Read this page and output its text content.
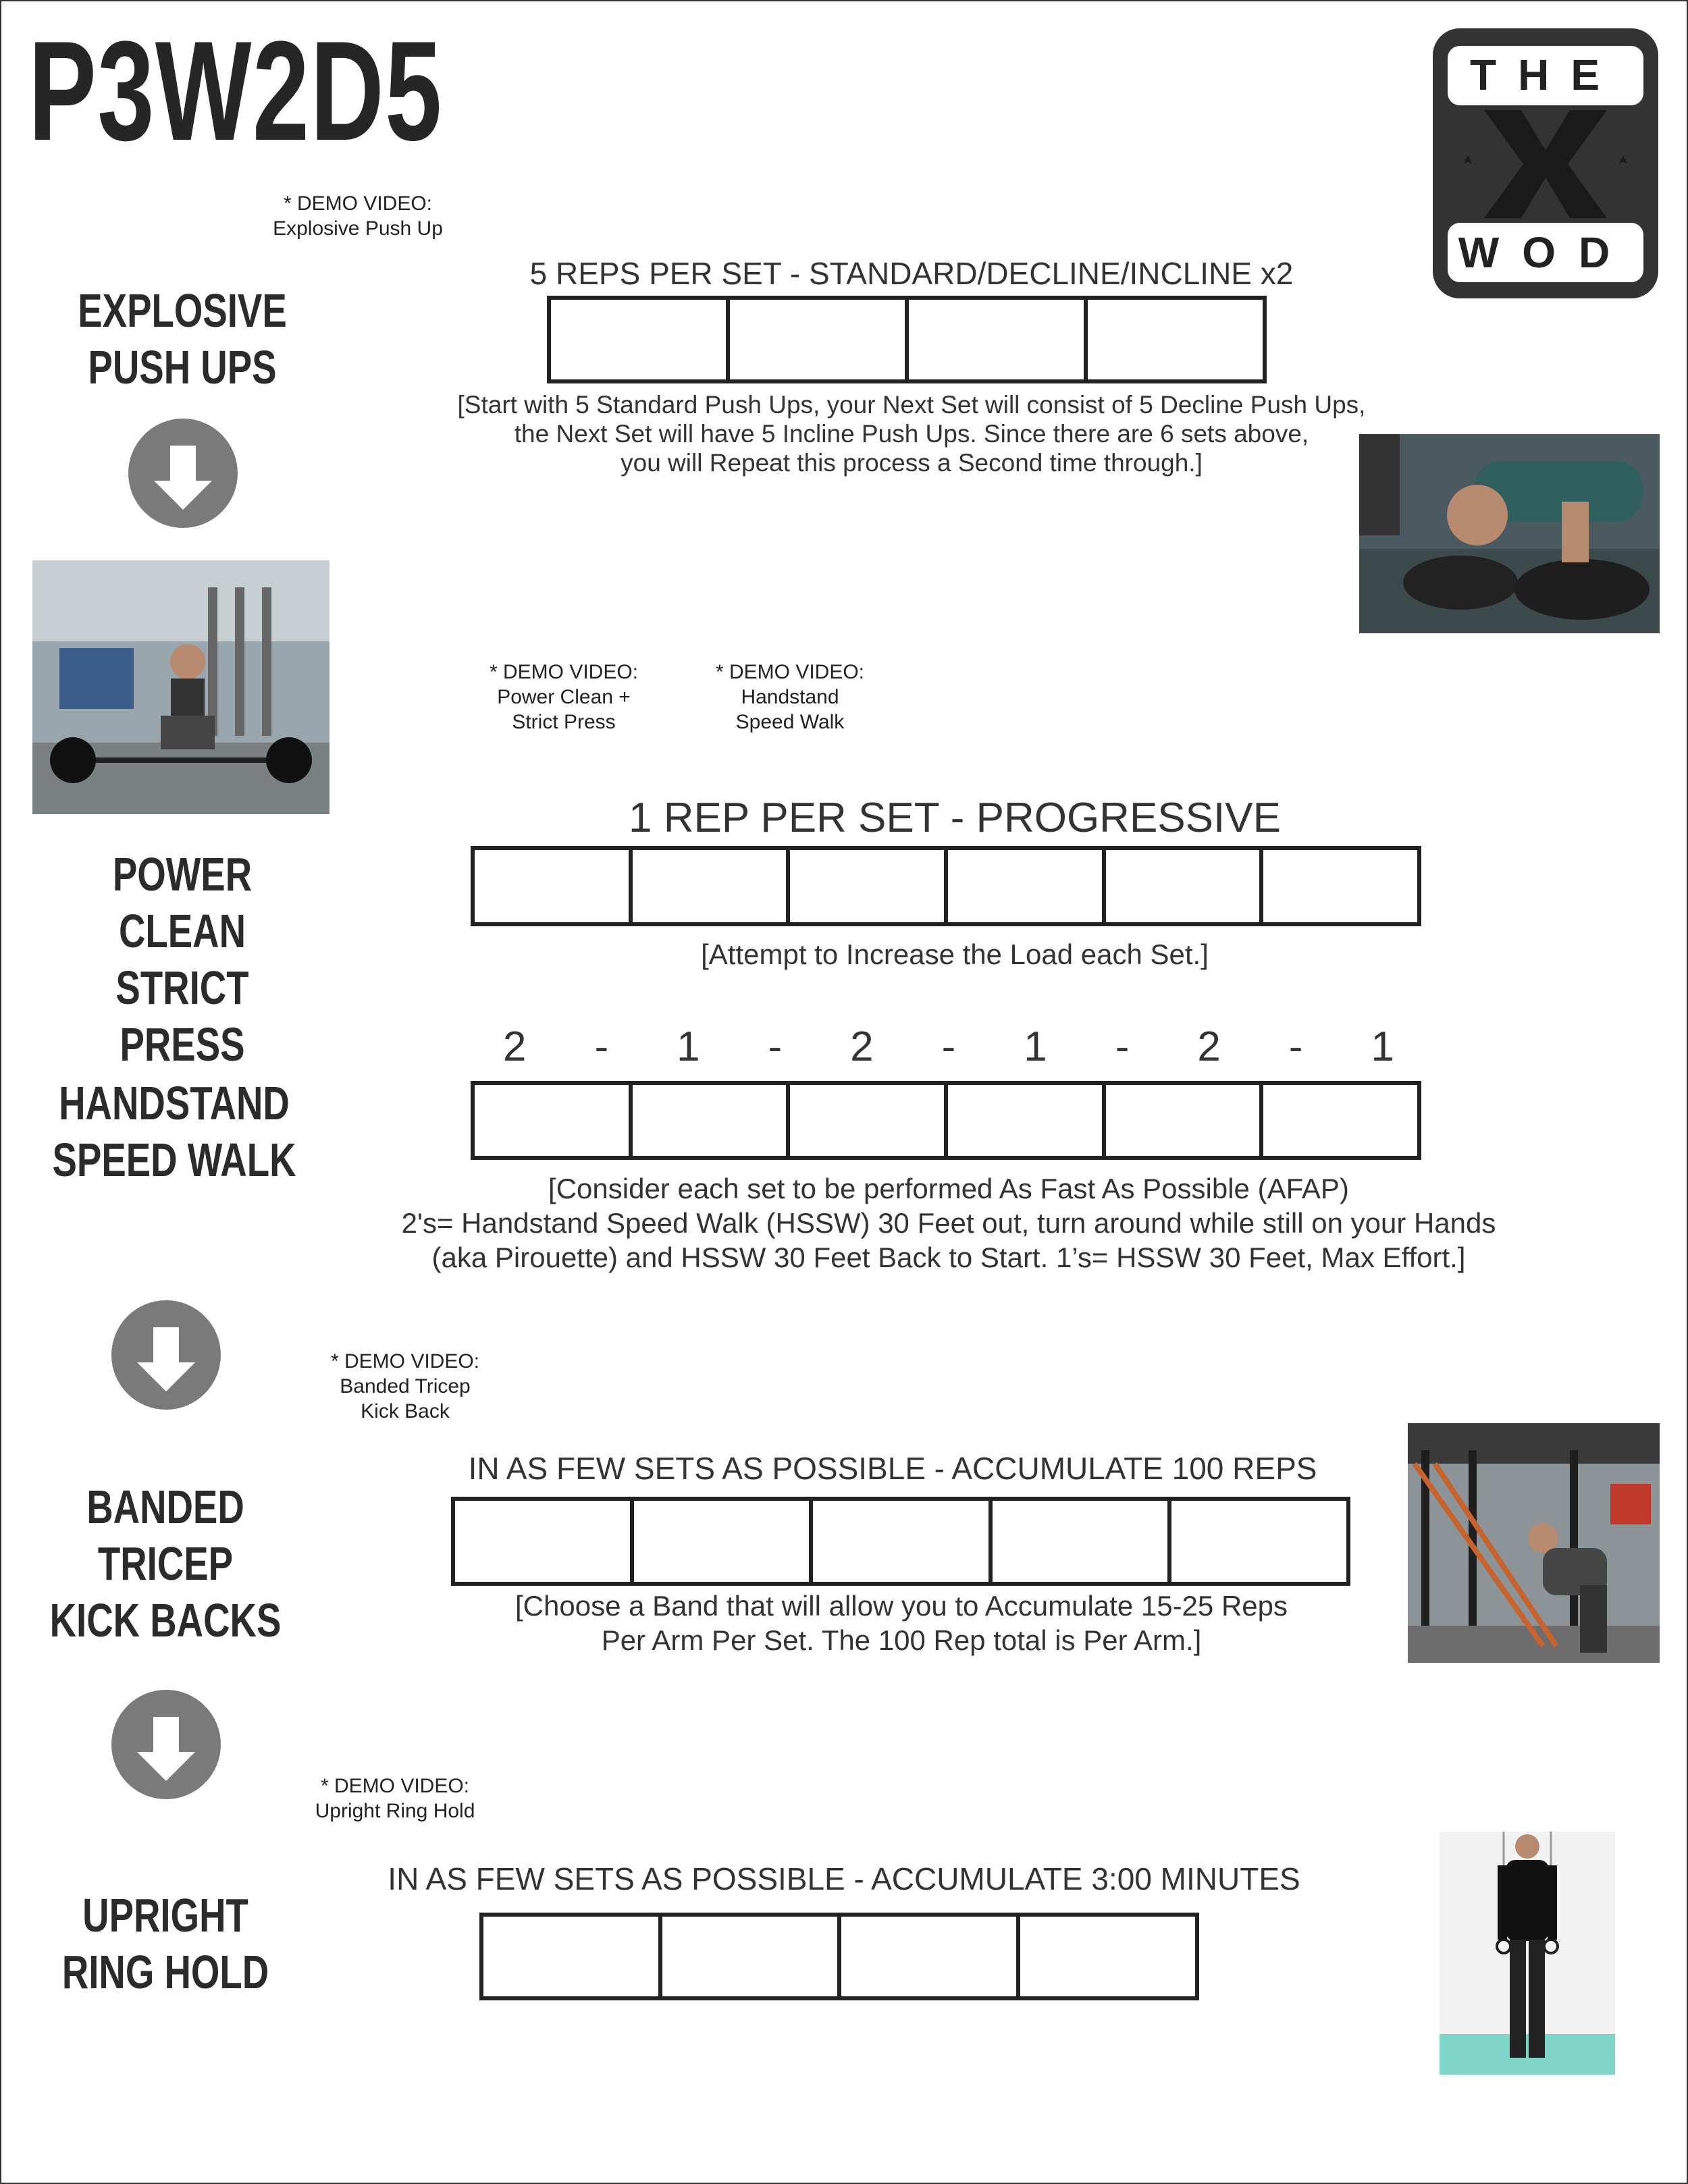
P3W2D5	THE
WOD
* DEMO VIDEO:
Explosive Push Up
EXPLOSIVE
PUSH UPS
5 REPS PER SET - STANDARD/DECLINE/INCLINE x2
[Start with 5 Standard Push Ups, your Next Set will consist of 5 Decline Push Ups,
the Next Set will have 5 Incline Push Ups. Since there are 6 sets above,
you will Repeat this process a Second time through.]
* DEMO VIDEO:
Power Clean +
Strict Press
* DEMO VIDEO:
Handstand
Speed Walk
1 REP PER SET - PROGRESSIVE
POWER CLEAN
STRICT PRESS
[Attempt to Increase the Load each Set.]
2 - 1 - 2 - 1 - 2 - 1
HANDSTAND
SPEED WALK
[Consider each set to be performed As Fast As Possible (AFAP)
2's= Handstand Speed Walk (HSSW) 30 Feet out, turn around while still on your Hands
(aka Pirouette) and HSSW 30 Feet Back to Start. 1’s= HSSW 30 Feet, Max Effort.]
* DEMO VIDEO:
Banded Tricep
Kick Back
IN AS FEW SETS AS POSSIBLE - ACCUMULATE 100 REPS
BANDED TRICEP
KICK BACKS	[Choose a Band that will allow you to Accumulate 15-25 Reps
Per Arm Per Set. The 100 Rep total is Per Arm.]
* DEMO VIDEO:
Upright Ring Hold
IN AS FEW SETS AS POSSIBLE - ACCUMULATE 3:00 MINUTES
UPRIGHT
RING HOLD
